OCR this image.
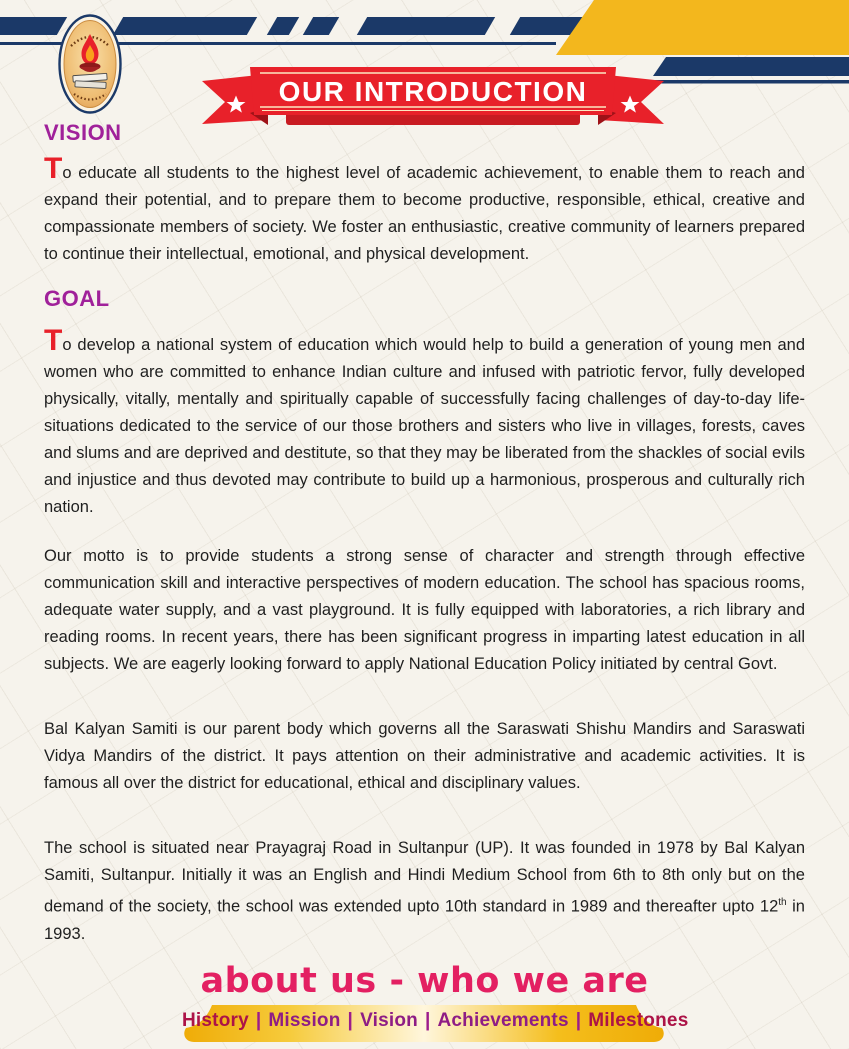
OUR INTRODUCTION
VISION

To educate all students to the highest level of academic achievement, to enable them to reach and expand their potential, and to prepare them to become productive, responsible, ethical, creative and compassionate members of society. We foster an enthusiastic, creative community of learners prepared to continue their intellectual, emotional, and physical development.

GOAL

To develop a national system of education which would help to build a generation of young men and women who are committed to enhance Indian culture and infused with patriotic fervor, fully developed physically, vitally, mentally and spiritually capable of successfully facing challenges of day-to-day life-situations dedicated to the service of our those brothers and sisters who live in villages, forests, caves and slums and are deprived and destitute, so that they may be liberated from the shackles of social evils and injustice and thus devoted may contribute to build up a harmonious, prosperous and culturally rich nation.

Our motto is to provide students a strong sense of character and strength through effective communication skill and interactive perspectives of modern education. The school has spacious rooms, adequate water supply, and a vast playground. It is fully equipped with laboratories, a rich library and reading rooms. In recent years, there has been significant progress in imparting latest education in all subjects. We are eagerly looking forward to apply National Education Policy initiated by central Govt.

Bal Kalyan Samiti is our parent body which governs all the Saraswati Shishu Mandirs and Saraswati Vidya Mandirs of the district. It pays attention on their administrative and academic activities. It is famous all over the district for educational, ethical and disciplinary values.

The school is situated near Prayagraj Road in Sultanpur (UP). It was founded in 1978 by Bal Kalyan Samiti, Sultanpur. Initially it was an English and Hindi Medium School from 6th to 8th only but on the demand of the society, the school was extended upto 10th standard in 1989 and thereafter upto 12th in 1993.

about us - who we are
History | Mission | Vision | Achievements | Milestones
